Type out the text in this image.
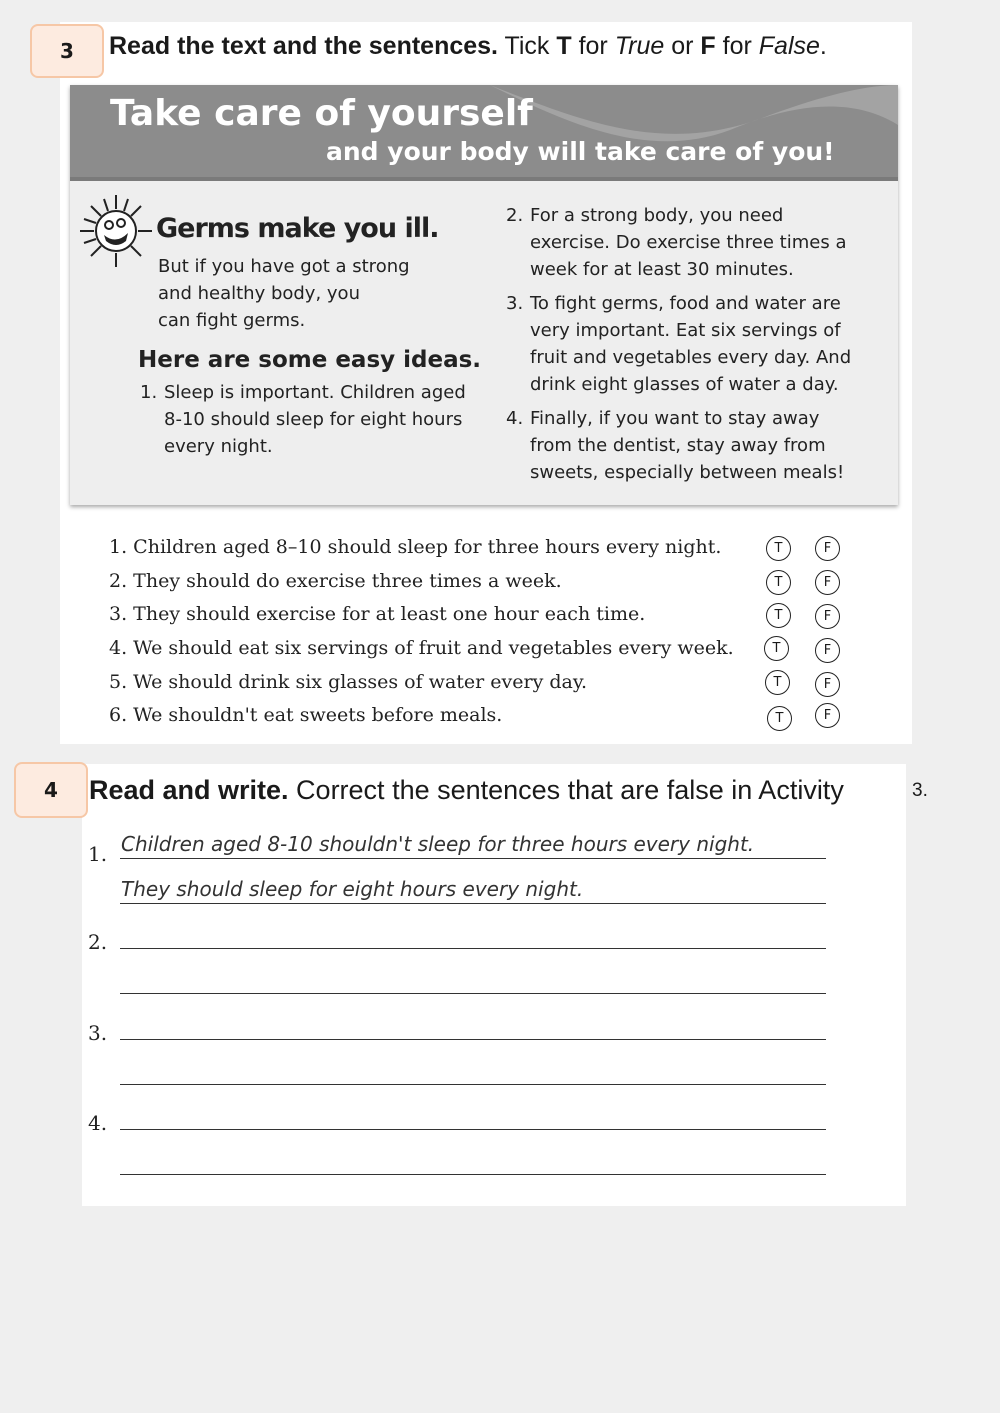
3	Read the text and the sentences. Tick T for True or F for False.
Take care of yourself
and your body will take care of you!
Germs make you ill.
But if you have got a strong
and healthy body, you
can fight germs.
Here are some easy ideas.
1. Sleep is important. Children aged
8-10 should sleep for eight hours
every night.
2. For a strong body, you need
exercise. Do exercise three times a
week for at least 30 minutes.
3. To fight germs, food and water are
very important. Eat six servings of
fruit and vegetables every day. And
drink eight glasses of water a day.
4. Finally, if you want to stay away
from the dentist, stay away from
sweets, especially between meals!
1. Children aged 8–10 should sleep for three hours every night.	T	F
2. They should do exercise three times a week.	T	F
3. They should exercise for at least one hour each time.	T	F
4. We should eat six servings of fruit and vegetables every week.	T	F
5. We should drink six glasses of water every day.	T	F
6. We shouldn't eat sweets before meals.	T	F
4	Read and write. Correct the sentences that are false in Activity	3.
1. Children aged 8-10 shouldn't sleep for three hours every night.
They should sleep for eight hours every night.
2.
3.
4.
